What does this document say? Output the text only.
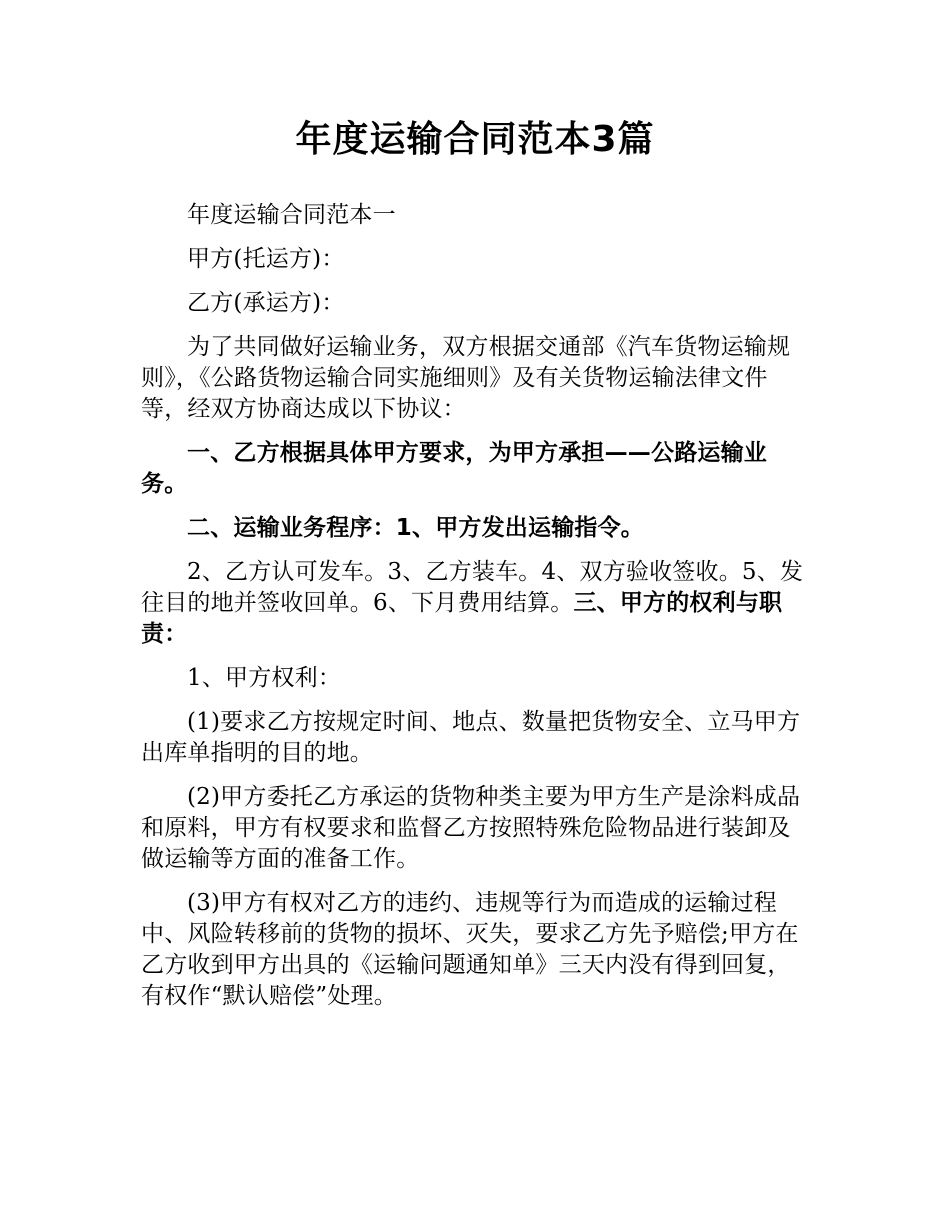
年度运输合同范本3篇

年度运输合同范本一

甲方(托运方)：

乙方(承运方)：

为了共同做好运输业务，双方根据交通部《汽车货物运输规则》，《公路货物运输合同实施细则》及有关货物运输法律文件等，经双方协商达成以下协议：

一、乙方根据具体甲方要求，为甲方承担——公路运输业务。

二、运输业务程序：1、甲方发出运输指令。

2、乙方认可发车。3、乙方装车。4、双方验收签收。5、发往目的地并签收回单。6、下月费用结算。三、甲方的权利与职责：

1、甲方权利：

(1)要求乙方按规定时间、地点、数量把货物安全、立马甲方出库单指明的目的地。

(2)甲方委托乙方承运的货物种类主要为甲方生产是涂料成品和原料，甲方有权要求和监督乙方按照特殊危险物品进行装卸及做运输等方面的准备工作。

(3)甲方有权对乙方的违约、违规等行为而造成的运输过程中、风险转移前的货物的损坏、灭失，要求乙方先予赔偿;甲方在乙方收到甲方出具的《运输问题通知单》三天内没有得到回复，有权作“默认赔偿”处理。
